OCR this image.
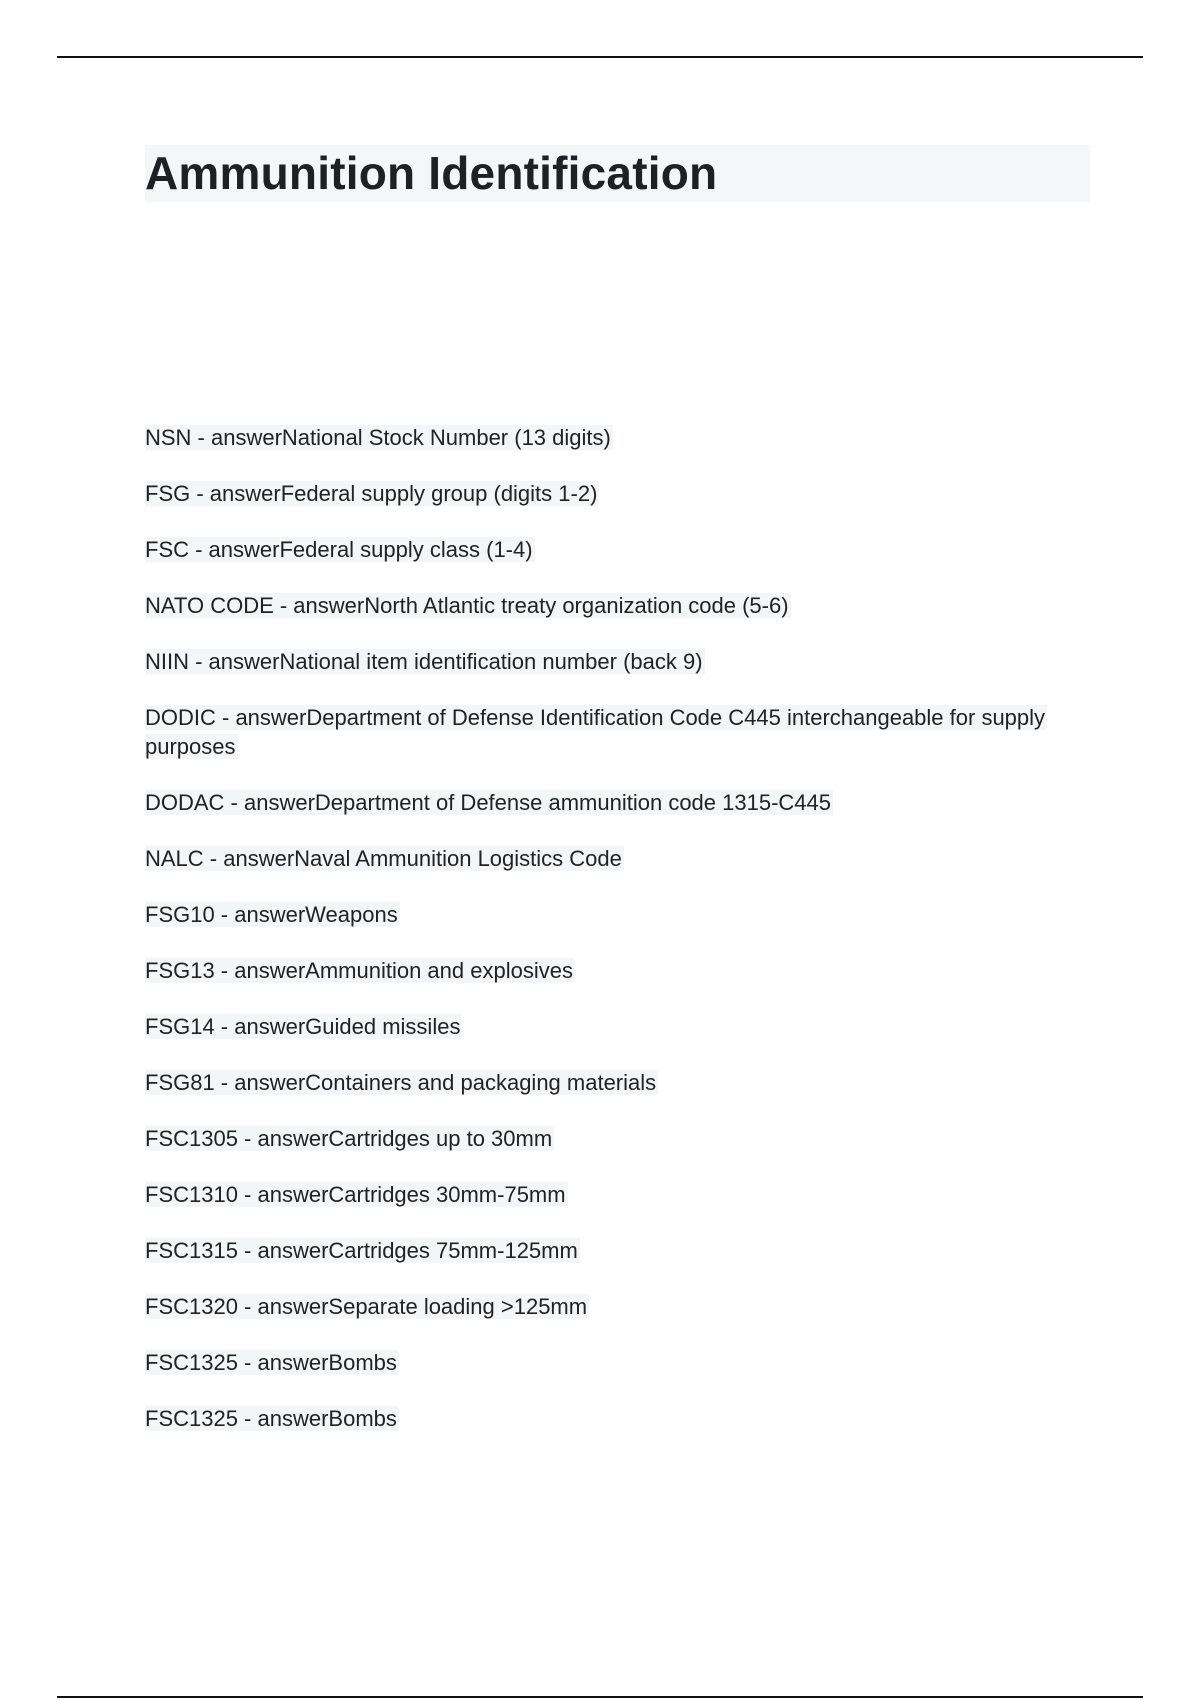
Ammunition Identification
NSN - answerNational Stock Number (13 digits)
FSG - answerFederal supply group (digits 1-2)
FSC - answerFederal supply class (1-4)
NATO CODE - answerNorth Atlantic treaty organization code (5-6)
NIIN - answerNational item identification number (back 9)
DODIC - answerDepartment of Defense Identification Code C445 interchangeable for supply purposes
DODAC - answerDepartment of Defense ammunition code 1315-C445
NALC - answerNaval Ammunition Logistics Code
FSG10 - answerWeapons
FSG13 - answerAmmunition and explosives
FSG14 - answerGuided missiles
FSG81 - answerContainers and packaging materials
FSC1305 - answerCartridges up to 30mm
FSC1310 - answerCartridges 30mm-75mm
FSC1315 - answerCartridges 75mm-125mm
FSC1320 - answerSeparate loading >125mm
FSC1325 - answerBombs
FSC1325 - answerBombs
